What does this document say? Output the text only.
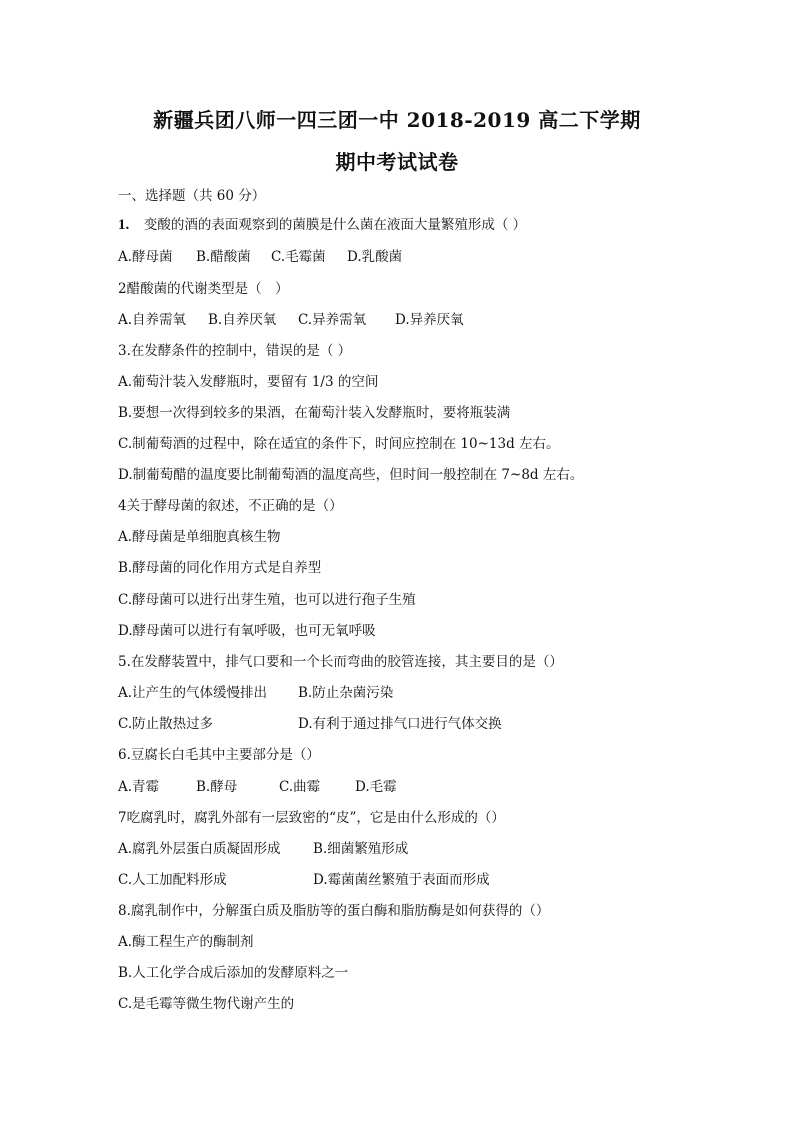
新疆兵团八师一四三团一中 2018-2019 高二下学期
期中考试试卷
一、选择题（共 60 分）
1. 变酸的酒的表面观察到的菌膜是什么菌在液面大量繁殖形成（ ）
A.酵母菌 B.醋酸菌 C.毛霉菌 D.乳酸菌
2醋酸菌的代谢类型是（　）
A.自养需氧 B.自养厌氧 C.异养需氧 D.异养厌氧
3.在发酵条件的控制中，错误的是（ ）
A.葡萄汁装入发酵瓶时，要留有 1/3 的空间
B.要想一次得到较多的果酒，在葡萄汁装入发酵瓶时，要将瓶装满
C.制葡萄酒的过程中，除在适宜的条件下，时间应控制在 10~13d 左右。
D.制葡萄醋的温度要比制葡萄酒的温度高些，但时间一般控制在 7~8d 左右。
4关于酵母菌的叙述，不正确的是（）
A.酵母菌是单细胞真核生物
B.酵母菌的同化作用方式是自养型
C.酵母菌可以进行出芽生殖，也可以进行孢子生殖
D.酵母菌可以进行有氧呼吸，也可无氧呼吸
5.在发酵装置中，排气口要和一个长而弯曲的胶管连接，其主要目的是（）
A.让产生的气体缓慢排出 B.防止杂菌污染
C.防止散热过多	D.有利于通过排气口进行气体交换
6.豆腐长白毛其中主要部分是（）
A.青霉	B.酵母	C.曲霉	D.毛霉
7吃腐乳时，腐乳外部有一层致密的“皮”，它是由什么形成的（）
A.腐乳外层蛋白质凝固形成 B.细菌繁殖形成
C.人工加配料形成	D.霉菌菌丝繁殖于表面而形成
8.腐乳制作中，分解蛋白质及脂肪等的蛋白酶和脂肪酶是如何获得的（）
A.酶工程生产的酶制剂
B.人工化学合成后添加的发酵原料之一
C.是毛霉等微生物代谢产生的
